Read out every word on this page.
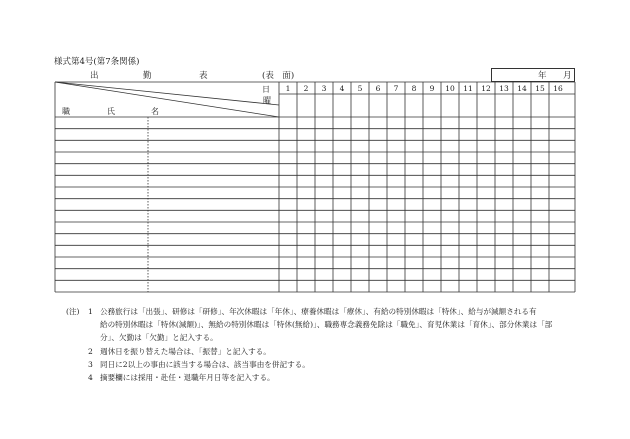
様式第4号(第7条関係)
出	勤	表	(表　面)	年 月
日
曜
職	氏	名
1	2	3	4	5	6	7	8	9	10	11	12	13	14	15	16
(注)	1 公務旅行は「出張」、研修は「研修」、年次休暇は「年休」、療養休暇は「療休」、有給の特別休暇は「特休」、給与が減額される有
給の特別休暇は「特休(減額)」、無給の特別休暇は「特休(無給)」、職務専念義務免除は「職免」、育児休業は「育休」、部分休業は「部
分」、欠勤は「欠勤」と記入する。
2 週休日を振り替えた場合は、「振替」と記入する。
3 同日に2以上の事由に該当する場合は、該当事由を併記する。
4 摘要欄には採用・赴任・退職年月日等を記入する。
